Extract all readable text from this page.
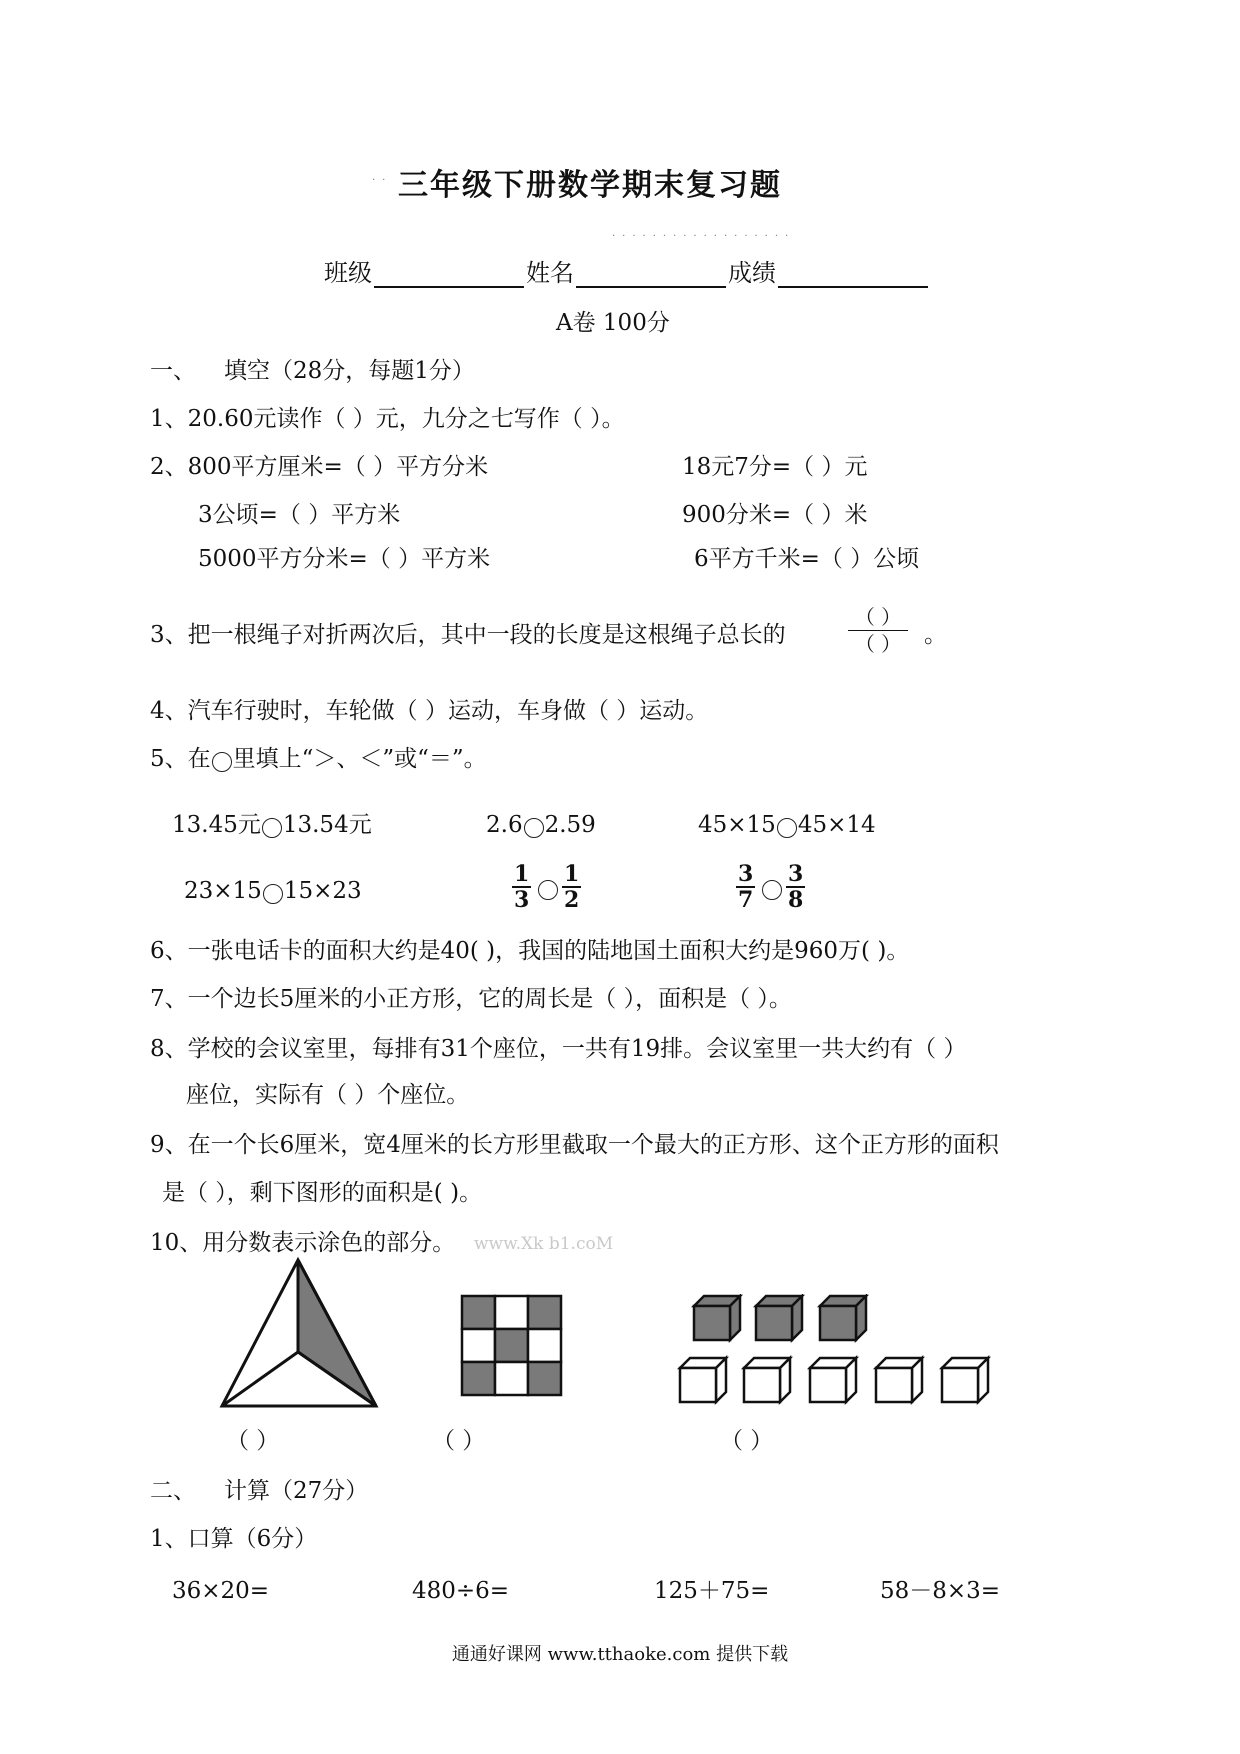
.. 三年级下册数学期末复习题
..................
班级	姓名	成绩
A卷 100分
一、 填空（28分，每题1分）
1、20.60元读作（ ）元，九分之七写作（ ）。
2、800平方厘米=（ ）平方分米	18元7分=（ ）元
3公顷=（ ）平方米	900分米=（ ）米
5000平方分米=（ ）平方米	6平方千米=（ ）公顷
3、把一根绳子对折两次后，其中一段的长度是这根绳子总长的
（ ）
（ ） 。
4、汽车行驶时，车轮做（ ）运动，车身做（ ）运动。
5、在 里填上“＞、＜”或“＝”。
13.45元 13.54元	2.6 2.59	45×15 45×14
23×15 15×23	$\frac{1}{3} \frac{1}{2}$	$\frac{3}{7} \frac{3}{8}$
6、一张电话卡的面积大约是40( )，我国的陆地国土面积大约是960万( )。
7、一个边长5厘米的小正方形，它的周长是（ ），面积是（ ）。
8、学校的会议室里，每排有31个座位，一共有19排。会议室里一共大约有（ ）
座位，实际有（ ）个座位。
9、在一个长6厘米，宽4厘米的长方形里截取一个最大的正方形、这个正方形的面积
是（ ），剩下图形的面积是( )。
10、用分数表示涂色的部分。 www.Xk b1.coM
（ ）	（ ）	（ ）
二、 计算（27分）
1、口算（6分）
36×20=	480÷6=	125＋75=	58－8×3=
通通好课网 www.tthaoke.com 提供下载
